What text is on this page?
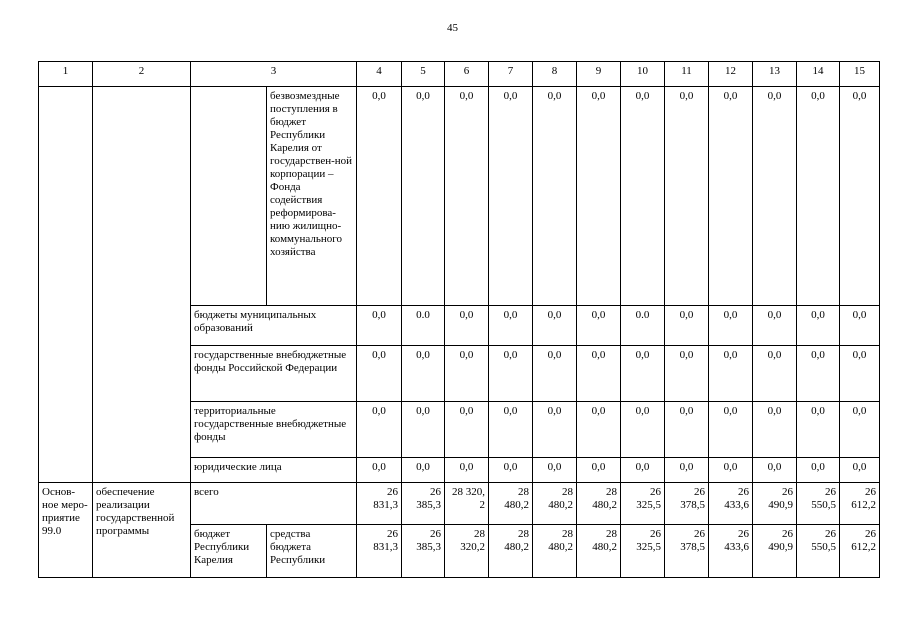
45
1	2	3		4	5	6	7	8	9	10	11	12	13	14	15
			безвозмездные поступления в бюджет Республики Карелия от государствен-ной корпорации – Фонда содействия реформирова-нию жилищно-коммунального хозяйства	0,0	0,0	0,0	0,0	0,0	0,0	0,0	0,0	0,0	0,0	0,0	0,0
		бюджеты муниципальных образований		0,0	0.0	0,0	0,0	0,0	0,0	0.0	0,0	0,0	0,0	0,0	0,0
		государственные внебюджетные фонды Российской Федерации		0,0	0,0	0,0	0,0	0,0	0,0	0,0	0,0	0,0	0,0	0,0	0,0
		территориальные государственные внебюджетные фонды		0,0	0,0	0,0	0,0	0,0	0,0	0,0	0,0	0,0	0,0	0,0	0,0
		юридические лица		0,0	0,0	0,0	0,0	0,0	0,0	0,0	0,0	0,0	0,0	0,0	0,0
Основ-ное меро-приятие 99.0	обеспечение реализации государственной программы	всего		26 831,3	26 385,3	28 320, 2	28 480,2	28 480,2	28 480,2	26 325,5	26 378,5	26 433,6	26 490,9	26 550,5	26 612,2
		бюджет Республики Карелия	средства бюджета Республики	26 831,3	26 385,3	28 320,2	28 480,2	28 480,2	28 480,2	26 325,5	26 378,5	26 433,6	26 490,9	26 550,5	26 612,2
